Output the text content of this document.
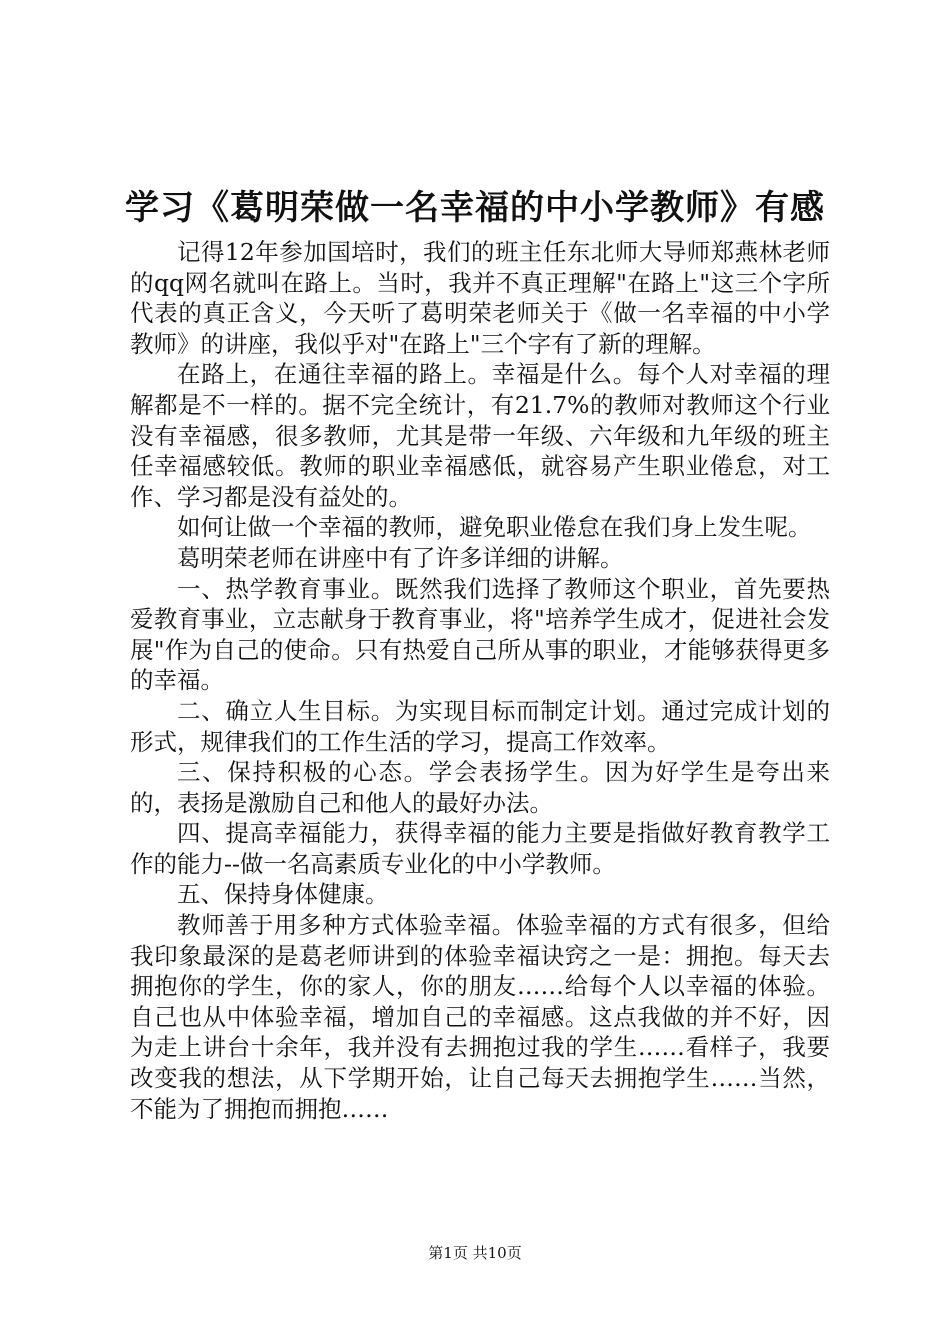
学习《葛明荣做一名幸福的中小学教师》有感

记得12年参加国培时，我们的班主任东北师大导师郑燕林老师的qq网名就叫在路上。当时，我并不真正理解"在路上"这三个字所代表的真正含义，今天听了葛明荣老师关于《做一名幸福的中小学教师》的讲座，我似乎对"在路上"三个字有了新的理解。

在路上，在通往幸福的路上。幸福是什么。每个人对幸福的理解都是不一样的。据不完全统计，有21.7%的教师对教师这个行业没有幸福感，很多教师，尤其是带一年级、六年级和九年级的班主任幸福感较低。教师的职业幸福感低，就容易产生职业倦怠，对工作、学习都是没有益处的。

如何让做一个幸福的教师，避免职业倦怠在我们身上发生呢。

葛明荣老师在讲座中有了许多详细的讲解。

一、热学教育事业。既然我们选择了教师这个职业，首先要热爱教育事业，立志献身于教育事业，将"培养学生成才，促进社会发展"作为自己的使命。只有热爱自己所从事的职业，才能够获得更多的幸福。

二、确立人生目标。为实现目标而制定计划。通过完成计划的形式，规律我们的工作生活的学习，提高工作效率。

三、保持积极的心态。学会表扬学生。因为好学生是夸出来的，表扬是激励自己和他人的最好办法。

四、提高幸福能力，获得幸福的能力主要是指做好教育教学工作的能力--做一名高素质专业化的中小学教师。

五、保持身体健康。

教师善于用多种方式体验幸福。体验幸福的方式有很多，但给我印象最深的是葛老师讲到的体验幸福诀窍之一是：拥抱。每天去拥抱你的学生，你的家人，你的朋友……给每个人以幸福的体验。自己也从中体验幸福，增加自己的幸福感。这点我做的并不好，因为走上讲台十余年，我并没有去拥抱过我的学生……看样子，我要改变我的想法，从下学期开始，让自己每天去拥抱学生……当然，不能为了拥抱而拥抱……

第1页 共10页
